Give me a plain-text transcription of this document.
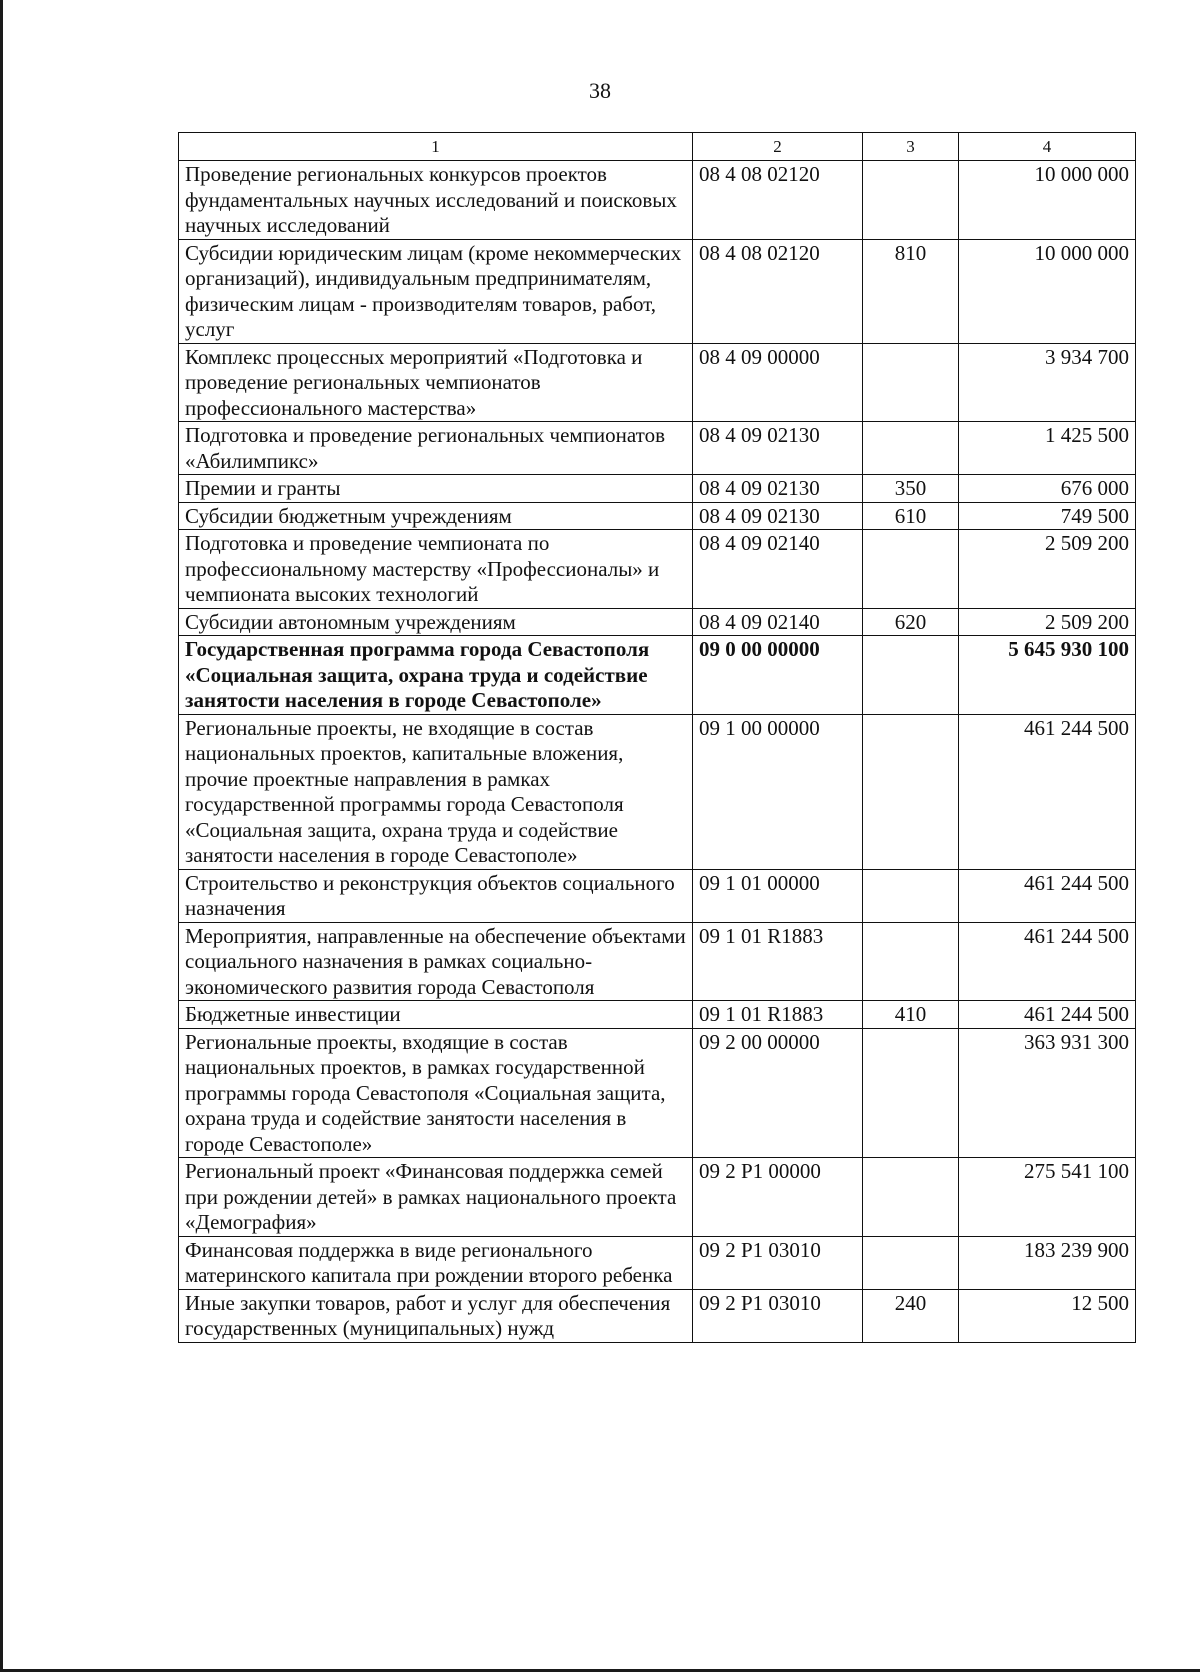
38
1	2	3	4
Проведение региональных конкурсов проектов фундаментальных научных исследований и поисковых научных исследований	08 4 08 02120		10 000 000
Субсидии юридическим лицам (кроме некоммерческих организаций), индивидуальным предпринимателям, физическим лицам - производителям товаров, работ, услуг	08 4 08 02120	810	10 000 000
Комплекс процессных мероприятий «Подготовка и проведение региональных чемпионатов профессионального мастерства»	08 4 09 00000		3 934 700
Подготовка и проведение региональных чемпионатов «Абилимпикс»	08 4 09 02130		1 425 500
Премии и гранты	08 4 09 02130	350	676 000
Субсидии бюджетным учреждениям	08 4 09 02130	610	749 500
Подготовка и проведение чемпионата по профессиональному мастерству «Профессионалы» и чемпионата высоких технологий	08 4 09 02140		2 509 200
Субсидии автономным учреждениям	08 4 09 02140	620	2 509 200
Государственная программа города Севастополя «Социальная защита, охрана труда и содействие занятости населения в городе Севастополе»	09 0 00 00000		5 645 930 100
Региональные проекты, не входящие в состав национальных проектов, капитальные вложения, прочие проектные направления в рамках государственной программы города Севастополя «Социальная защита, охрана труда и содействие занятости населения в городе Севастополе»	09 1 00 00000		461 244 500
Строительство и реконструкция объектов социального назначения	09 1 01 00000		461 244 500
Мероприятия, направленные на обеспечение объектами социального назначения в рамках социально-экономического развития города Севастополя	09 1 01 R1883		461 244 500
Бюджетные инвестиции	09 1 01 R1883	410	461 244 500
Региональные проекты, входящие в состав национальных проектов, в рамках государственной программы города Севастополя «Социальная защита, охрана труда и содействие занятости населения в городе Севастополе»	09 2 00 00000		363 931 300
Региональный проект «Финансовая поддержка семей при рождении детей» в рамках национального проекта «Демография»	09 2 P1 00000		275 541 100
Финансовая поддержка в виде регионального материнского капитала при рождении второго ребенка	09 2 P1 03010		183 239 900
Иные закупки товаров, работ и услуг для обеспечения государственных (муниципальных) нужд	09 2 P1 03010	240	12 500
